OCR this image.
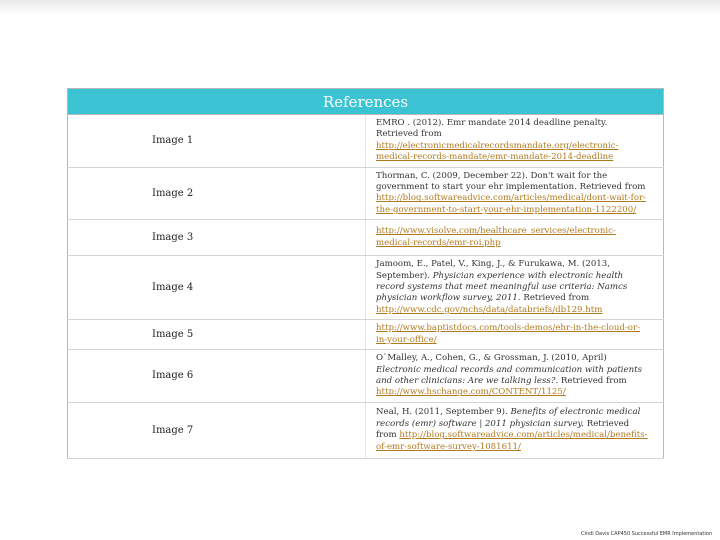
References	
Image 1	EMRO . (2012). Emr mandate 2014 deadline penalty. Retrieved from http://electronicmedicalrecordsmandate.org/electronic-medical-records-mandate/emr-mandate-2014-deadline
Image 2	Thorman, C. (2009, December 22). Don't wait for the government to start your ehr implementation. Retrieved from http://blog.softwareadvice.com/articles/medical/dont-wait-for-the-government-to-start-your-ehr-implementation-1122200/
Image 3	http://www.visolve.com/healthcare_services/electronic-medical-records/emr-roi.php
Image 4	Jamoom, E., Patel, V., King, J., & Furukawa, M. (2013, September). Physician experience with electronic health record systems that meet meaningful use criteria: Namcs physician workflow survey, 2011. Retrieved from http://www.cdc.gov/nchs/data/databriefs/db129.htm
Image 5	http://www.baptistdocs.com/tools-demos/ehr-in-the-cloud-or-in-your-office/
Image 6	O`Malley, A., Cohen, G., & Grossman, J. (2010, April) Electronic medical records and communication with patients and other clinicians: Are we talking less?. Retrieved from http://www.hschange.com/CONTENT/1125/
Image 7	Neal, H. (2011, September 9). Benefits of electronic medical records (emr) software | 2011 physician survey. Retrieved from http://blog.softwareadvice.com/articles/medical/benefits-of-emr-software-survey-1081611/
Cindi Davis CAP450 Successful EMR Implementation
